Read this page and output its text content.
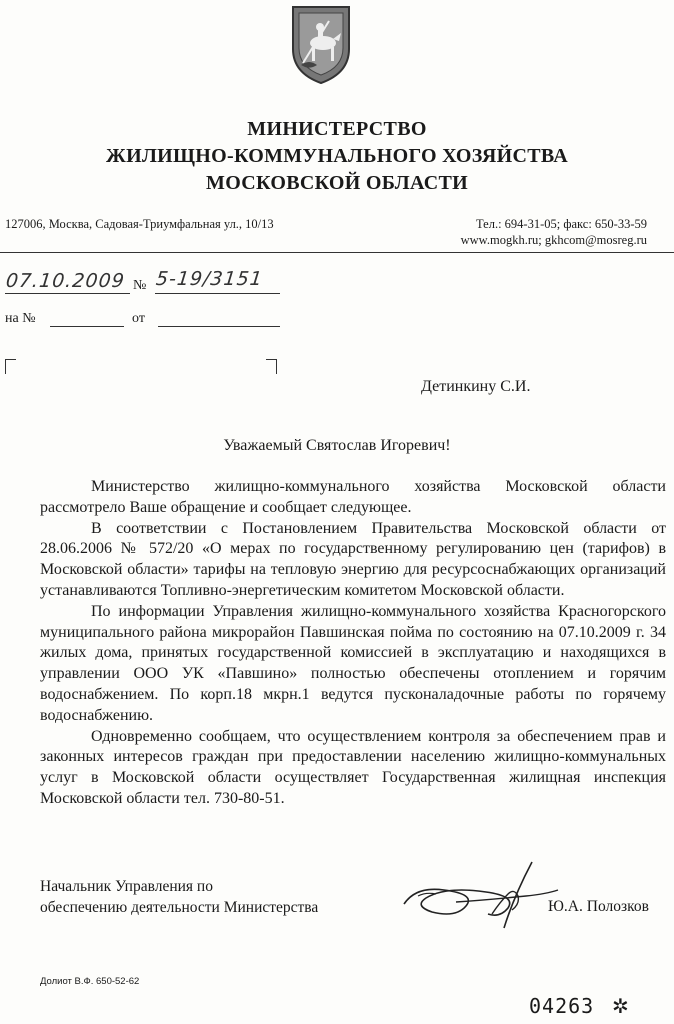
МИНИСТЕРСТВО
ЖИЛИЩНО-КОММУНАЛЬНОГО ХОЗЯЙСТВА
МОСКОВСКОЙ ОБЛАСТИ
127006, Москва, Садовая-Триумфальная ул., 10/13	Тел.: 694-31-05; факс: 650-33-59
www.mogkh.ru; gkhcom@mosreg.ru
07.10.2009 № 5-19/3151
на №	от
Детинкину С.И.
Уважаемый Святослав Игоревич!

Министерство жилищно-коммунального хозяйства Московской области рассмотрело Ваше обращение и сообщает следующее.

В соответствии с Постановлением Правительства Московской области от 28.06.2006 № 572/20 «О мерах по государственному регулированию цен (тарифов) в Московской области» тарифы на тепловую энергию для ресурсоснабжающих организаций устанавливаются Топливно-энергетическим комитетом Московской области.

По информации Управления жилищно-коммунального хозяйства Красногорского муниципального района микрорайон Павшинская пойма по состоянию на 07.10.2009 г. 34 жилых дома, принятых государственной комиссией в эксплуатацию и находящихся в управлении ООО УК «Павшино» полностью обеспечены отоплением и горячим водоснабжением. По корп.18 мкрн.1 ведутся пусконаладочные работы по горячему водоснабжению.

Одновременно сообщаем, что осуществлением контроля за обеспечением прав и законных интересов граждан при предоставлении населению жилищно-коммунальных услуг в Московской области осуществляет Государственная жилищная инспекция Московской области тел. 730-80-51.

Начальник Управления по
обеспечению деятельности Министерства	Ю.А. Полозков
Долиот В.Ф. 650-52-62
04263 ✲
